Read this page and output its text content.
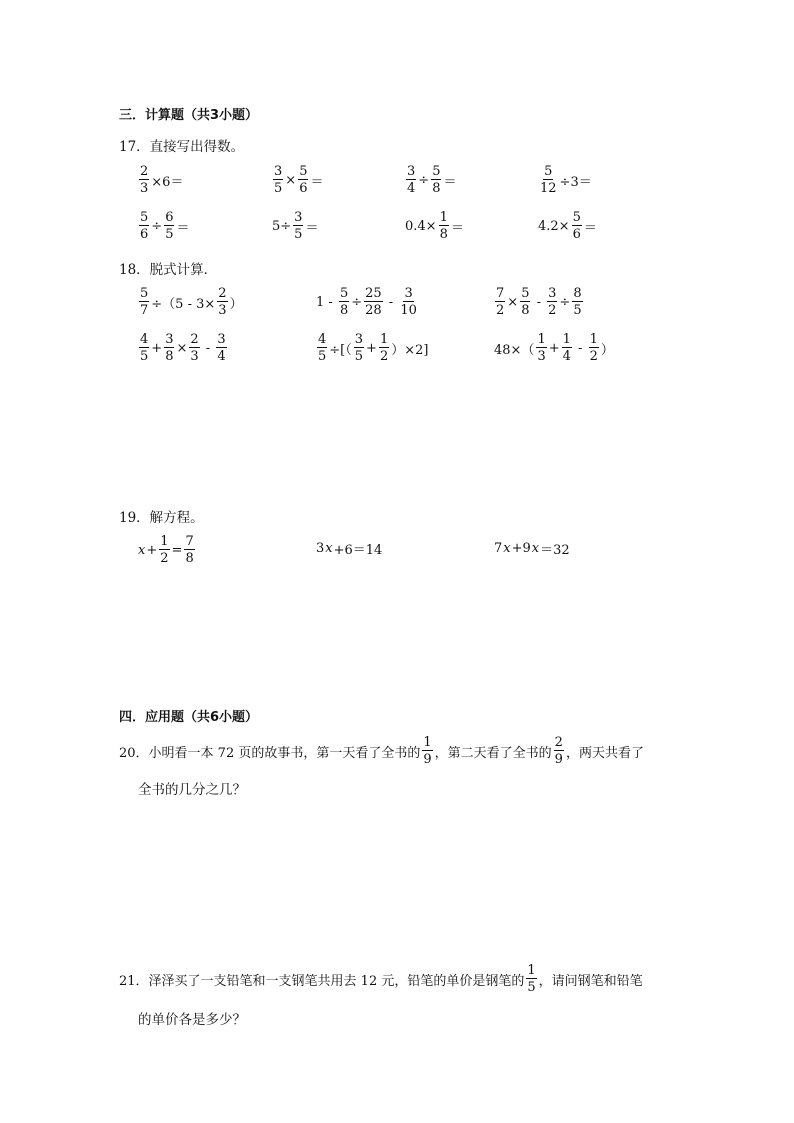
三．计算题（共3小题）
17．直接写出得数。
$\frac{2}{3} \times 6=$	$\frac{3}{5} \times \frac{5}{6}$ ＝	$\frac{3}{4} \div \frac{5}{8}$ ＝	$\frac{5}{12} \div 3=$
$\frac{5}{6} \div \frac{6}{5}$ ＝	$5\div \frac{3}{5}$ ＝	$0.4\times \frac{1}{8}$ ＝	$4.2\times \frac{5}{6}$ ＝
18．脱式计算．
$\frac{5}{7} \div(5 - 3\times \frac{2}{3}$ ）	$1 - \frac{5}{8} \div \frac{25}{28} - \frac{3}{10}$	$\frac{7}{2} \times \frac{5}{8} - \frac{3}{2} \div \frac{8}{5}$
$\frac{4}{5} + \frac{3}{8} \times \frac{2}{3} - \frac{3}{4}$	$\frac{4}{5}$ ÷[（ $\frac{3}{5} + \frac{1}{2} )\times 2$]	$48\times( \frac{1}{3} + \frac{1}{4} - \frac{1}{2}$ ）
19．解方程。
$x + \frac{1}{2} = \frac{7}{8}$	3 x +6＝14	7 x +9 x ＝32
四．应用题（共6小题）
20．小明看一本 72 页的故事书，第一天看了全书的 $\frac{1}{9}$ ，第二天看了全书的 $\frac{2}{9}$ ，两天共看了
全书的几分之几？
21．泽泽买了一支铅笔和一支钢笔共用去 12 元，铅笔的单价是钢笔的 $\frac{1}{5}$ ，请问钢笔和铅笔
的单价各是多少？
